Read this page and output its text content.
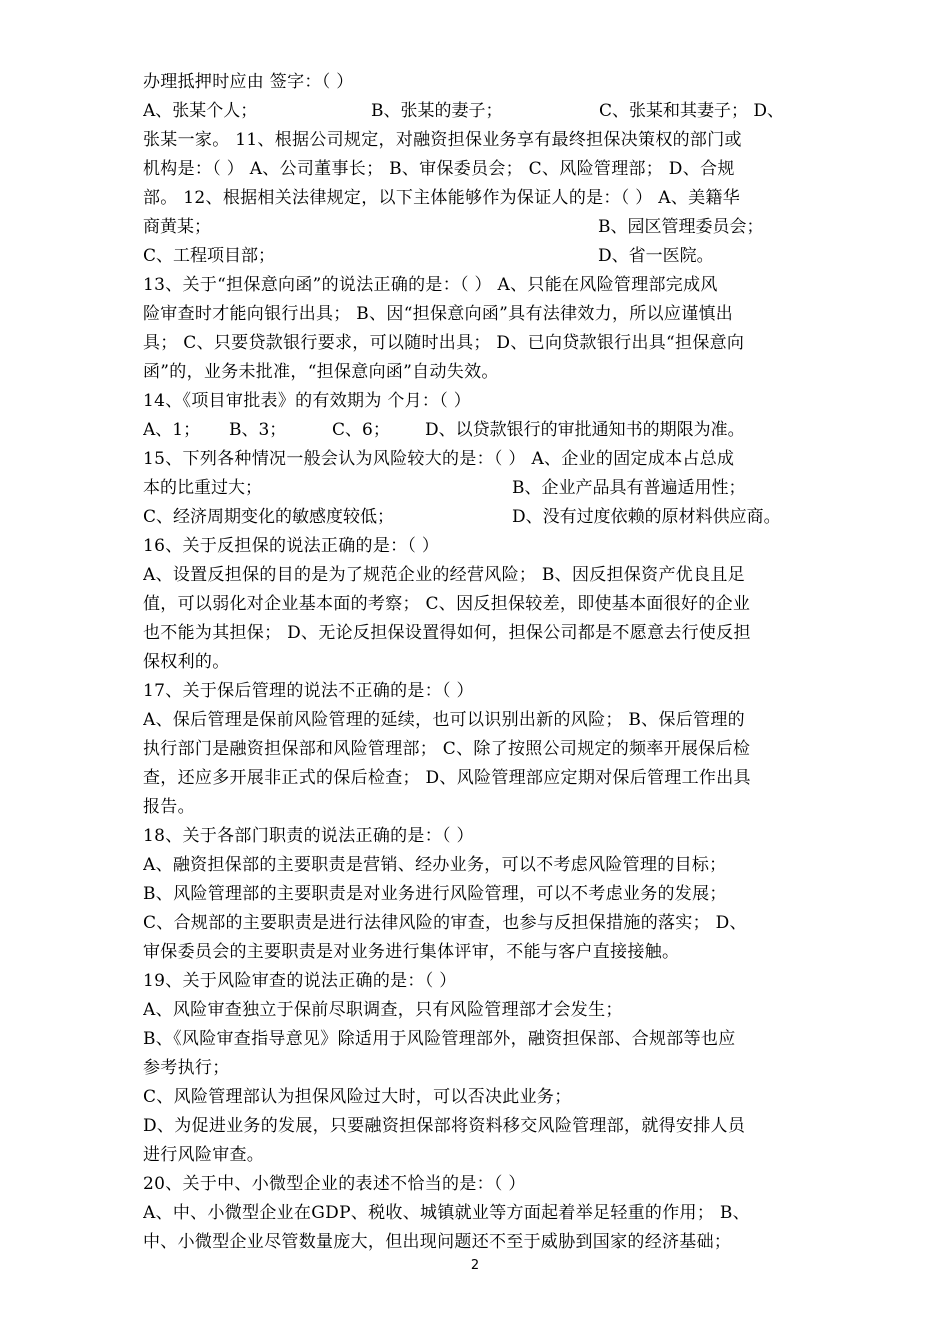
办理抵押时应由 签字：（ ）
A、张某个人；	B、张某的妻子；	C、张某和其妻子； D、
张某一家。 11、根据公司规定，对融资担保业务享有最终担保决策权的部门或
机构是：（ ） A、公司董事长； B、审保委员会； C、风险管理部； D、合规
部。 12、根据相关法律规定，以下主体能够作为保证人的是：（ ） A、美籍华
商黄某；	B、园区管理委员会；
C、工程项目部；	D、省一医院。
13、关于“担保意向函”的说法正确的是：（ ） A、只能在风险管理部完成风
险审查时才能向银行出具； B、因“担保意向函”具有法律效力，所以应谨慎出
具； C、只要贷款银行要求，可以随时出具； D、已向贷款银行出具“担保意向
函”的，业务未批准，“担保意向函”自动失效。
14、《项目审批表》的有效期为 个月：（ ）
A、1；	B、3；	C、6；	D、以贷款银行的审批通知书的期限为准。
15、下列各种情况一般会认为风险较大的是：（ ） A、企业的固定成本占总成
本的比重过大；	B、企业产品具有普遍适用性；
C、经济周期变化的敏感度较低；	D、没有过度依赖的原材料供应商。
16、关于反担保的说法正确的是：（ ）
A、设置反担保的目的是为了规范企业的经营风险； B、因反担保资产优良且足
值，可以弱化对企业基本面的考察； C、因反担保较差，即使基本面很好的企业
也不能为其担保； D、无论反担保设置得如何，担保公司都是不愿意去行使反担
保权利的。
17、关于保后管理的说法不正确的是：（ ）
A、保后管理是保前风险管理的延续，也可以识别出新的风险； B、保后管理的
执行部门是融资担保部和风险管理部； C、除了按照公司规定的频率开展保后检
查，还应多开展非正式的保后检查； D、风险管理部应定期对保后管理工作出具
报告。
18、关于各部门职责的说法正确的是：（ ）
A、融资担保部的主要职责是营销、经办业务，可以不考虑风险管理的目标；
B、风险管理部的主要职责是对业务进行风险管理，可以不考虑业务的发展；
C、合规部的主要职责是进行法律风险的审查，也参与反担保措施的落实； D、
审保委员会的主要职责是对业务进行集体评审，不能与客户直接接触。
19、关于风险审查的说法正确的是：（ ）
A、风险审查独立于保前尽职调查，只有风险管理部才会发生；
B、《风险审查指导意见》除适用于风险管理部外，融资担保部、合规部等也应
参考执行；
C、风险管理部认为担保风险过大时，可以否决此业务；
D、为促进业务的发展，只要融资担保部将资料移交风险管理部，就得安排人员
进行风险审查。
20、关于中、小微型企业的表述不恰当的是：（ ）
A、中、小微型企业在GDP、税收、城镇就业等方面起着举足轻重的作用； B、
中、小微型企业尽管数量庞大，但出现问题还不至于威胁到国家的经济基础；
2
